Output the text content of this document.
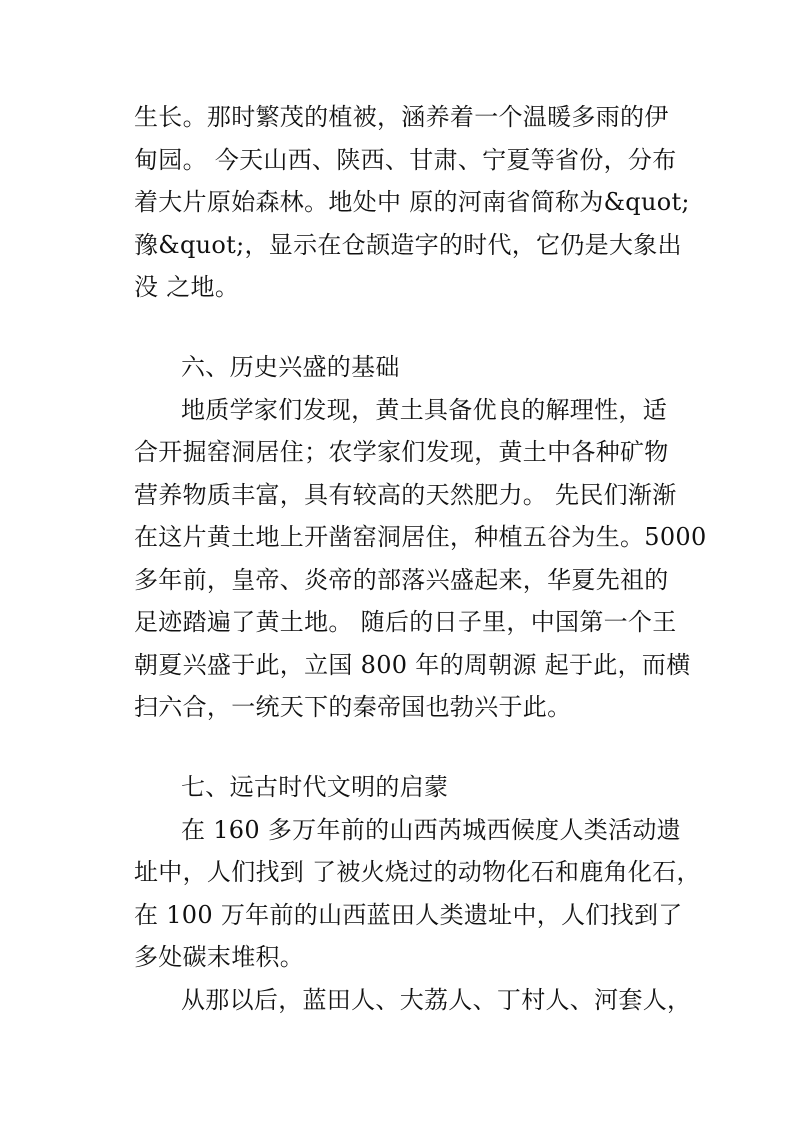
生长。那时繁茂的植被，涵养着一个温暖多雨的伊
甸园。 今天山西、陕西、甘肃、宁夏等省份，分布
着大片原始森林。地处中 原的河南省简称为&quot;
豫&quot;，显示在仓颉造字的时代，它仍是大象出
没 之地。
六、历史兴盛的基础
地质学家们发现，黄土具备优良的解理性，适
合开掘窑洞居住；农学家们发现，黄土中各种矿物
营养物质丰富，具有较高的天然肥力。 先民们渐渐
在这片黄土地上开凿窑洞居住，种植五谷为生。5000
多年前，皇帝、炎帝的部落兴盛起来，华夏先祖的
足迹踏遍了黄土地。 随后的日子里，中国第一个王
朝夏兴盛于此，立国 800 年的周朝源 起于此，而横
扫六合，一统天下的秦帝国也勃兴于此。
七、远古时代文明的启蒙
在 160 多万年前的山西芮城西候度人类活动遗
址中，人们找到 了被火烧过的动物化石和鹿角化石，
在 100 万年前的山西蓝田人类遗址中，人们找到了
多处碳末堆积。
从那以后，蓝田人、大荔人、丁村人、河套人，
